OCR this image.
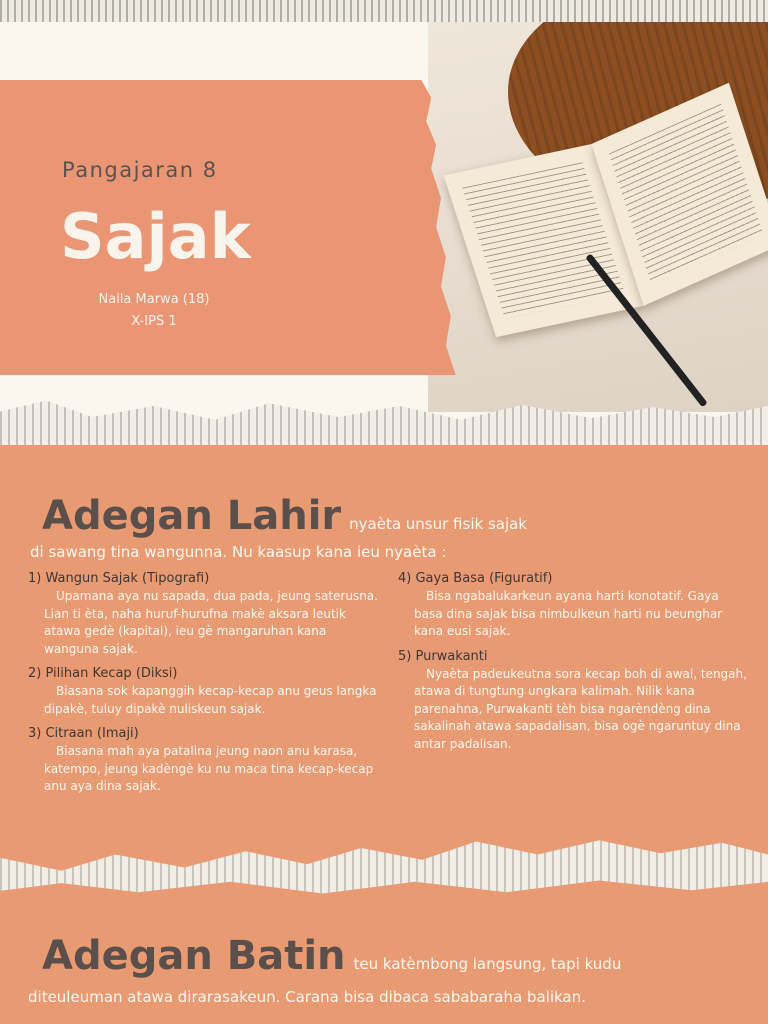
Pangajaran 8
Sajak
Naila Marwa (18)
X-IPS 1
Adegan Lahir nyaèta unsur fisik sajak
di sawang tina wangunna. Nu kaasup kana ieu nyaèta :

1) Wangun Sajak (Tipografi)

Upamana aya nu sapada, dua pada, jeung saterusna. Lian ti èta, naha huruf-hurufna makè aksara leutik atawa gedè (kapital), ieu gè mangaruhan kana wanguna sajak.

2) Pilihan Kecap (Diksi)

Biasana sok kapanggih kecap-kecap anu geus langka dipakè, tuluy dipakè nuliskeun sajak.

3) Citraan (Imaji)

Biasana mah aya patalina jeung naon anu karasa, katempo, jeung kadèngè ku nu maca tina kecap-kecap anu aya dina sajak.

4) Gaya Basa (Figuratif)

Bisa ngabalukarkeun ayana harti konotatif. Gaya basa dina sajak bisa nimbulkeun harti nu beunghar kana eusi sajak.

5) Purwakanti

Nyaèta padeukeutna sora kecap boh di awal, tengah, atawa di tungtung ungkara kalimah. Nilik kana parenahna, Purwakanti tèh bisa ngarèndèng dina sakalinah atawa sapadalisan, bisa ogè ngaruntuy dina antar padalisan.

Adegan Batin teu katèmbong langsung, tapi kudu
diteuleuman atawa dirarasakeun. Carana bisa dibaca sababaraha balikan.
